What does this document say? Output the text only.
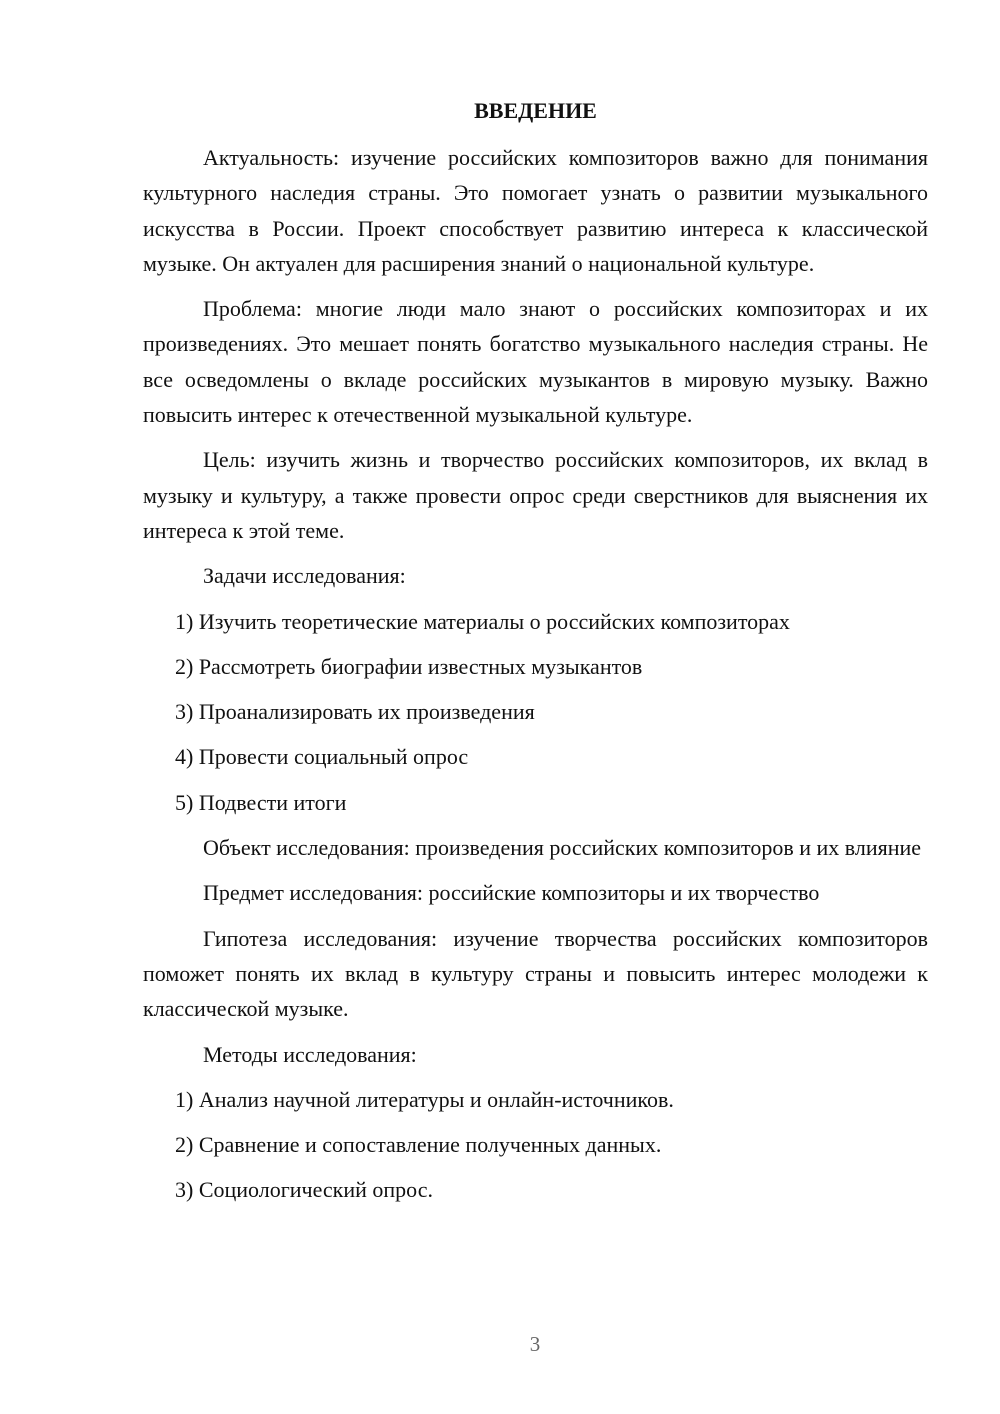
ВВЕДЕНИЕ

Актуальность: изучение российских композиторов важно для понимания культурного наследия страны. Это помогает узнать о развитии музыкального искусства в России. Проект способствует развитию интереса к классической музыке. Он актуален для расширения знаний о национальной культуре.

Проблема: многие люди мало знают о российских композиторах и их произведениях. Это мешает понять богатство музыкального наследия страны. Не все осведомлены о вкладе российских музыкантов в мировую музыку. Важно повысить интерес к отечественной музыкальной культуре.

Цель: изучить жизнь и творчество российских композиторов, их вклад в музыку и культуру, а также провести опрос среди сверстников для выяснения их интереса к этой теме.

Задачи исследования:

1) Изучить теоретические материалы о российских композиторах
2) Рассмотреть биографии известных музыкантов
3) Проанализировать их произведения
4) Провести социальный опрос
5) Подвести итоги

Объект исследования: произведения российских композиторов и их влияние

Предмет исследования: российские композиторы и их творчество

Гипотеза исследования: изучение творчества российских композиторов поможет понять их вклад в культуру страны и повысить интерес молодежи к классической музыке.

Методы исследования:

1) Анализ научной литературы и онлайн-источников.
2) Сравнение и сопоставление полученных данных.
3) Социологический опрос.
3
